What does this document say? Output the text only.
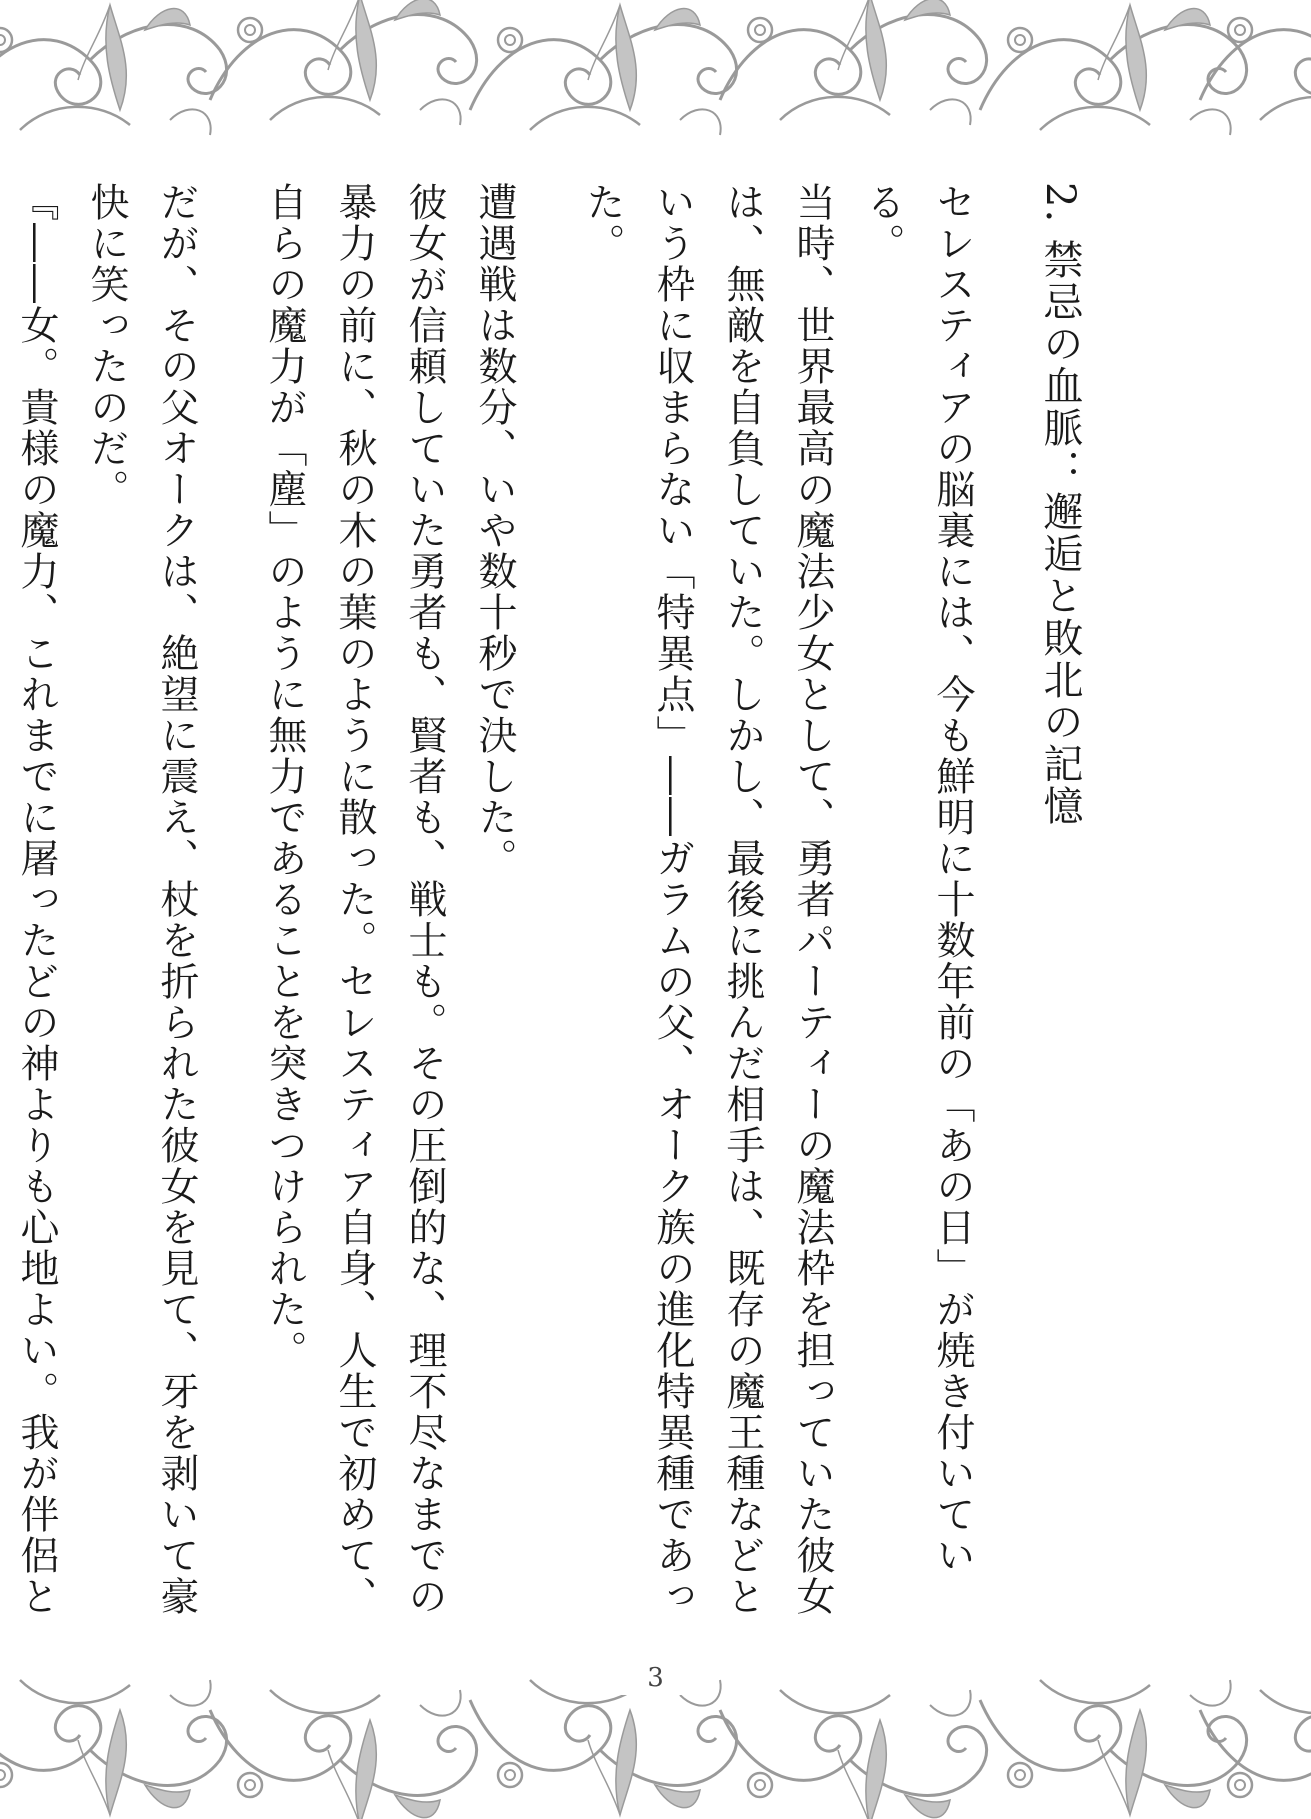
2. 禁忌の血脈：邂逅と敗北の記憶

セレスティアの脳裏には、今も鮮明に十数年前の「あの日」が焼き付いている。

当時、世界最高の魔法少女として、勇者パーティーの魔法枠を担っていた彼女は、無敵を自負していた。しかし、最後に挑んだ相手は、既存の魔王種などという枠に収まらない「特異点」――ガラムの父、オーク族の進化特異種であった。

遭遇戦は数分、いや数十秒で決した。

彼女が信頼していた勇者も、賢者も、戦士も。その圧倒的な、理不尽なまでの暴力の前に、秋の木の葉のように散った。セレスティア自身、人生で初めて、自らの魔力が「塵」のように無力であることを突きつけられた。

だが、その父オークは、絶望に震え、杖を折られた彼女を見て、牙を剥いて豪快に笑ったのだ。

『――女。貴様の魔力、これまでに屠ったどの神よりも心地よい。我が伴侶と

3
